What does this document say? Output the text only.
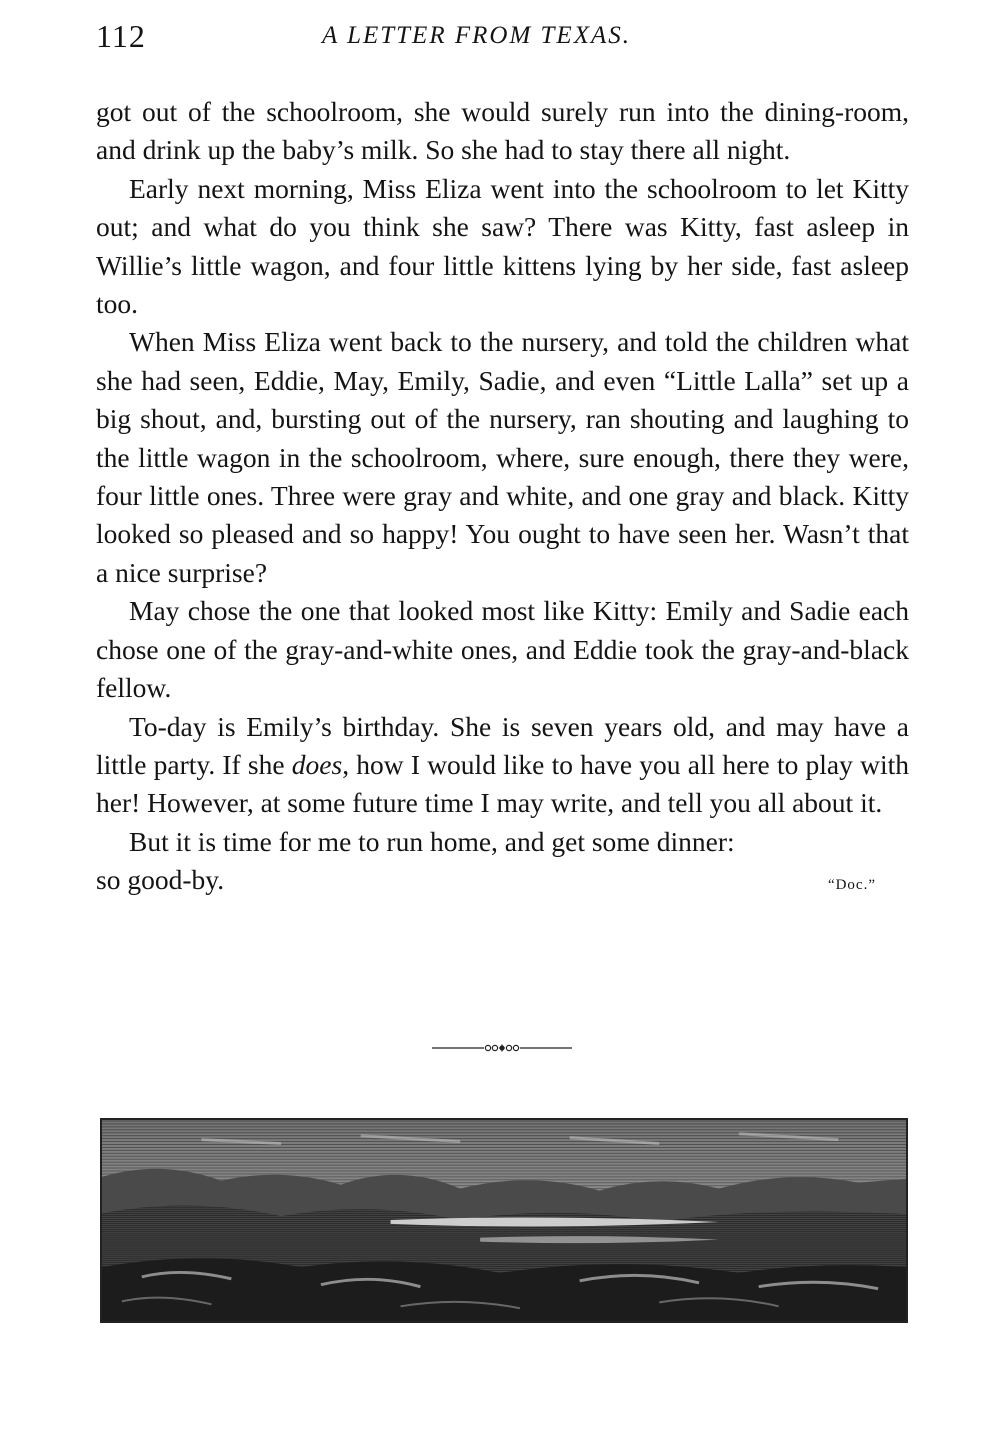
112	A LETTER FROM TEXAS.

got out of the schoolroom, she would surely run into the dining-room, and drink up the baby’s milk. So she had to stay there all night.

Early next morning, Miss Eliza went into the schoolroom to let Kitty out; and what do you think she saw? There was Kitty, fast asleep in Willie’s little wagon, and four little kittens lying by her side, fast asleep too.

When Miss Eliza went back to the nursery, and told the children what she had seen, Eddie, May, Emily, Sadie, and even “Little Lalla” set up a big shout, and, bursting out of the nursery, ran shouting and laughing to the little wagon in the schoolroom, where, sure enough, there they were, four little ones. Three were gray and white, and one gray and black. Kitty looked so pleased and so happy! You ought to have seen her. Wasn’t that a nice surprise?

May chose the one that looked most like Kitty: Emily and Sadie each chose one of the gray-and-white ones, and Eddie took the gray-and-black fellow.

To-day is Emily’s birthday. She is seven years old, and may have a little party. If she does, how I would like to have you all here to play with her! However, at some future time I may write, and tell you all about it.

But it is time for me to run home, and get some dinner:

so good-by.	“Doc.”
